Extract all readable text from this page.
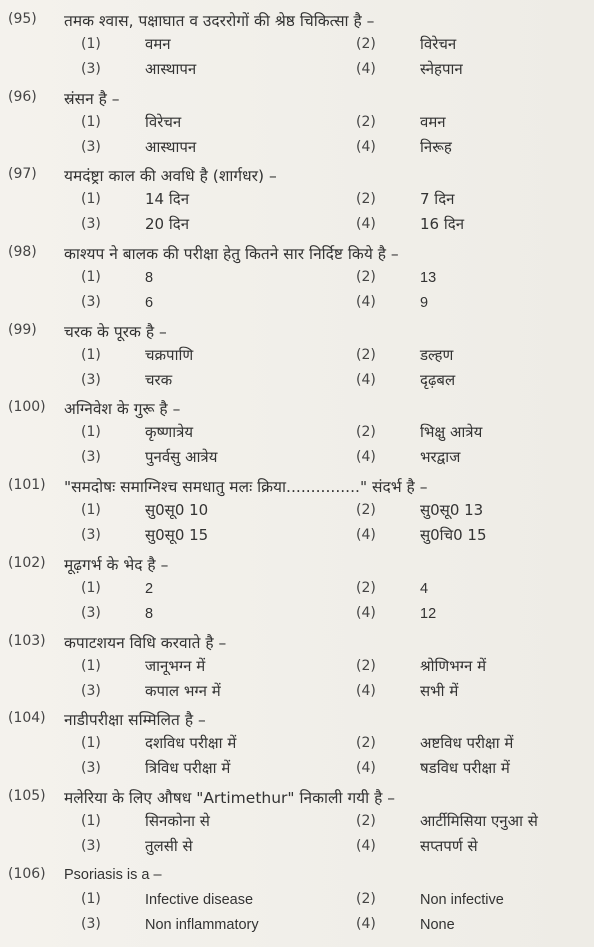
(95) तमक श्वास, पक्षाघात व उदररोगों की श्रेष्ठ चिकित्सा है –
(1)	वमन	(2)	विरेचन
(3)	आस्थापन	(4)	स्नेहपान
(96) स्रंसन है –
(1)	विरेचन	(2)	वमन
(3)	आस्थापन	(4)	निरूह
(97) यमदंष्ट्रा काल की अवधि है (शार्गधर) –
(1)	14 दिन	(2)	7 दिन
(3)	20 दिन	(4)	16 दिन
(98) काश्यप ने बालक की परीक्षा हेतु कितने सार निर्दिष्ट किये है –
(1)	8	(2)	13
(3)	6	(4)	9
(99) चरक के पूरक है –
(1)	चक्रपाणि	(2)	डल्हण
(3)	चरक	(4)	दृढ़बल
(100) अग्निवेश के गुरू है –
(1)	कृष्णात्रेय	(2)	भिक्षु आत्रेय
(3)	पुनर्वसु आत्रेय	(4)	भरद्वाज
(101) "समदोषः समाग्निश्च समधातु मलः क्रिया..............." संदर्भ है –
(1)	सु0सू0 10	(2)	सु0सू0 13
(3)	सु0सू0 15	(4)	सु0चि0 15
(102) मूढ़गर्भ के भेद है –
(1)	2	(2)	4
(3)	8	(4)	12
(103) कपाटशयन विधि करवाते है –
(1)	जानूभग्न में	(2)	श्रोणिभग्न में
(3)	कपाल भग्न में	(4)	सभी में
(104) नाडीपरीक्षा सम्मिलित है –
(1)	दशविध परीक्षा में	(2)	अष्टविध परीक्षा में
(3)	त्रिविध परीक्षा में	(4)	षडविध परीक्षा में
(105) मलेरिया के लिए औषध "Artimethur" निकाली गयी है –
(1)	सिनकोना से	(2)	आर्टीमिसिया एनुआ से
(3)	तुलसी से	(4)	सप्तपर्ण से
(106) Psoriasis is a –
(1)	Infective disease	(2)	Non infective
(3)	Non inflammatory	(4)	None
